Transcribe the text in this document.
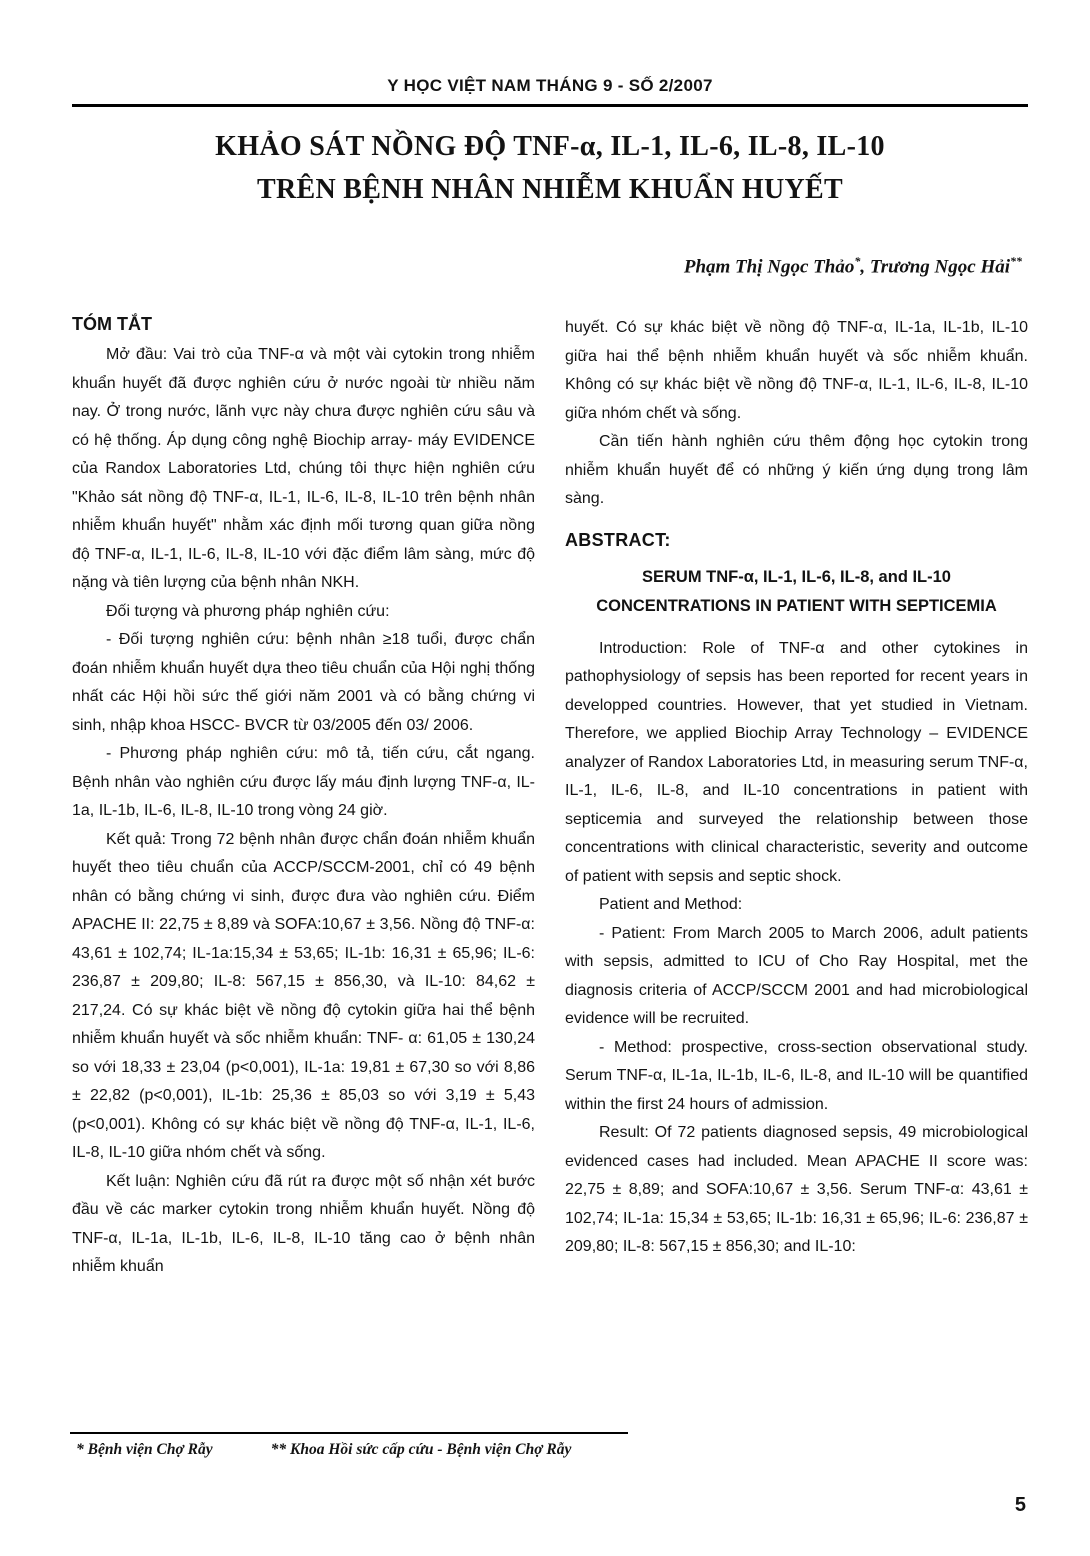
Y HỌC VIỆT NAM THÁNG 9 - SỐ 2/2007
KHẢO SÁT NỒNG ĐỘ TNF-α, IL-1, IL-6, IL-8, IL-10
TRÊN BỆNH NHÂN NHIỄM KHUẨN HUYẾT
Phạm Thị Ngọc Thảo*, Trương Ngọc Hải**
TÓM TẮT

Mở đầu: Vai trò của TNF-α và một vài cytokin trong nhiễm khuẩn huyết đã được nghiên cứu ở nước ngoài từ nhiều năm nay. Ở trong nước, lãnh vực này chưa được nghiên cứu sâu và có hệ thống. Áp dụng công nghệ Biochip array- máy EVIDENCE của Randox Laboratories Ltd, chúng tôi thực hiện nghiên cứu "Khảo sát nồng độ TNF-α, IL-1, IL-6, IL-8, IL-10 trên bệnh nhân nhiễm khuẩn huyết" nhằm xác định mối tương quan giữa nồng độ TNF-α, IL-1, IL-6, IL-8, IL-10 với đặc điểm lâm sàng, mức độ nặng và tiên lượng của bệnh nhân NKH.

Đối tượng và phương pháp nghiên cứu:

- Đối tượng nghiên cứu: bệnh nhân ≥18 tuổi, được chẩn đoán nhiễm khuẩn huyết dựa theo tiêu chuẩn của Hội nghị thống nhất các Hội hồi sức thế giới năm 2001 và có bằng chứng vi sinh, nhập khoa HSCC- BVCR từ 03/2005 đến 03/ 2006.

- Phương pháp nghiên cứu: mô tả, tiến cứu, cắt ngang. Bệnh nhân vào nghiên cứu được lấy máu định lượng TNF-α, IL-1a, IL-1b, IL-6, IL-8, IL-10 trong vòng 24 giờ.

Kết quả: Trong 72 bệnh nhân được chẩn đoán nhiễm khuẩn huyết theo tiêu chuẩn của ACCP/SCCM-2001, chỉ có 49 bệnh nhân có bằng chứng vi sinh, được đưa vào nghiên cứu. Điểm APACHE II: 22,75 ± 8,89 và SOFA:10,67 ± 3,56. Nồng độ TNF-α: 43,61 ± 102,74; IL-1a:15,34 ± 53,65; IL-1b: 16,31 ± 65,96; IL-6: 236,87 ± 209,80; IL-8: 567,15 ± 856,30, và IL-10: 84,62 ± 217,24. Có sự khác biệt về nồng độ cytokin giữa hai thể bệnh nhiễm khuẩn huyết và sốc nhiễm khuẩn: TNF- α: 61,05 ± 130,24 so với 18,33 ± 23,04 (p<0,001), IL-1a: 19,81 ± 67,30 so với 8,86 ± 22,82 (p<0,001), IL-1b: 25,36 ± 85,03 so với 3,19 ± 5,43 (p<0,001). Không có sự khác biệt về nồng độ TNF-α, IL-1, IL-6, IL-8, IL-10 giữa nhóm chết và sống.

Kết luận: Nghiên cứu đã rút ra được một số nhận xét bước đầu về các marker cytokin trong nhiễm khuẩn huyết. Nồng độ TNF-α, IL-1a, IL-1b, IL-6, IL-8, IL-10 tăng cao ở bệnh nhân nhiễm khuẩn

huyết. Có sự khác biệt về nồng độ TNF-α, IL-1a, IL-1b, IL-10 giữa hai thể bệnh nhiễm khuẩn huyết và sốc nhiễm khuẩn. Không có sự khác biệt về nồng độ TNF-α, IL-1, IL-6, IL-8, IL-10 giữa nhóm chết và sống.

Cần tiến hành nghiên cứu thêm động học cytokin trong nhiễm khuẩn huyết để có những ý kiến ứng dụng trong lâm sàng.

ABSTRACT:
SERUM TNF-α, IL-1, IL-6, IL-8, and IL-10 CONCENTRATIONS IN PATIENT WITH SEPTICEMIA

Introduction: Role of TNF-α and other cytokines in pathophysiology of sepsis has been reported for recent years in developped countries. However, that yet studied in Vietnam. Therefore, we applied Biochip Array Technology – EVIDENCE analyzer of Randox Laboratories Ltd, in measuring serum TNF-α, IL-1, IL-6, IL-8, and IL-10 concentrations in patient with septicemia and surveyed the relationship between those concentrations with clinical characteristic, severity and outcome of patient with sepsis and septic shock.

Patient and Method:

- Patient: From March 2005 to March 2006, adult patients with sepsis, admitted to ICU of Cho Ray Hospital, met the diagnosis criteria of ACCP/SCCM 2001 and had microbiological evidence will be recruited.

- Method: prospective, cross-section observational study. Serum TNF-α, IL-1a, IL-1b, IL-6, IL-8, and IL-10 will be quantified within the first 24 hours of admission.

Result: Of 72 patients diagnosed sepsis, 49 microbiological evidenced cases had included. Mean APACHE II score was: 22,75 ± 8,89; and SOFA:10,67 ± 3,56. Serum TNF-α: 43,61 ± 102,74; IL-1a: 15,34 ± 53,65; IL-1b: 16,31 ± 65,96; IL-6: 236,87 ± 209,80; IL-8: 567,15 ± 856,30; and IL-10:

* Bệnh viện Chợ Rẫy	** Khoa Hồi sức cấp cứu - Bệnh viện Chợ Rẫy
5
